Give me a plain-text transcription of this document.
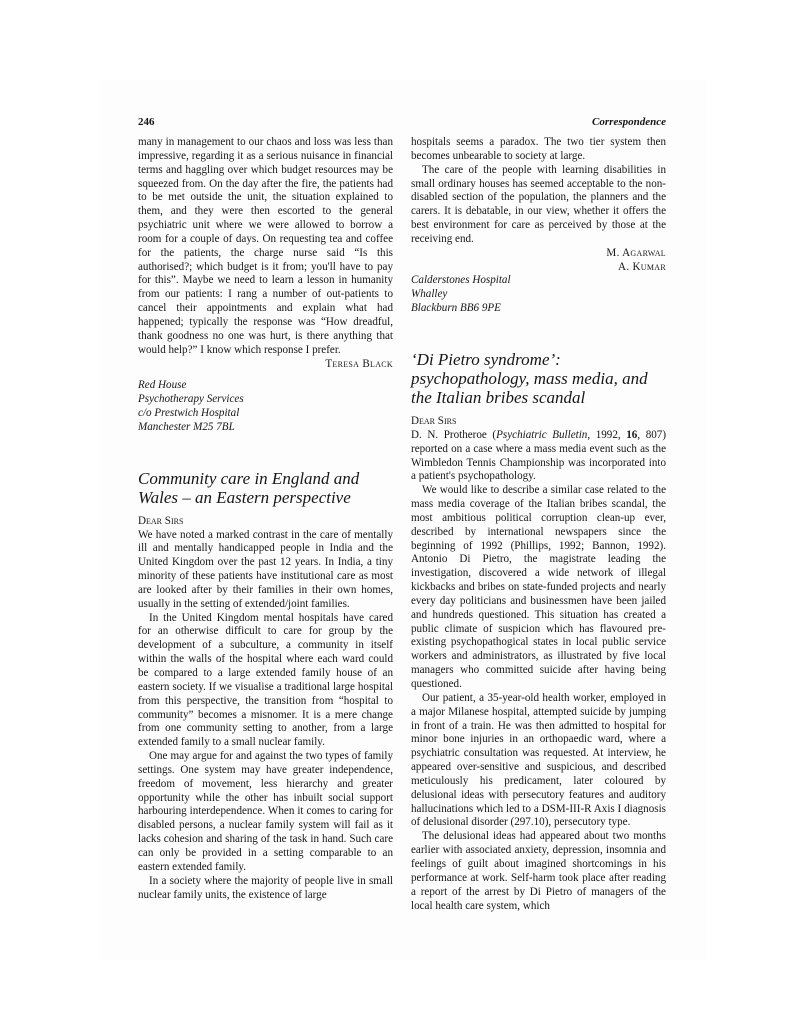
246	Correspondence

many in management to our chaos and loss was less than impressive, regarding it as a serious nuisance in financial terms and haggling over which budget resources may be squeezed from. On the day after the fire, the patients had to be met outside the unit, the situation explained to them, and they were then escorted to the general psychiatric unit where we were allowed to borrow a room for a couple of days. On requesting tea and coffee for the patients, the charge nurse said “Is this authorised?; which budget is it from; you'll have to pay for this”. Maybe we need to learn a lesson in humanity from our patients: I rang a number of out-patients to cancel their appointments and explain what had happened; typically the response was “How dreadful, thank goodness no one was hurt, is there anything that would help?” I know which response I prefer.

Teresa Black
Red House
Psychotherapy Services
c/o Prestwich Hospital
Manchester M25 7BL
Community care in England and Wales – an Eastern perspective
Dear Sirs

We have noted a marked contrast in the care of mentally ill and mentally handicapped people in India and the United Kingdom over the past 12 years. In India, a tiny minority of these patients have institutional care as most are looked after by their families in their own homes, usually in the setting of extended/joint families.

In the United Kingdom mental hospitals have cared for an otherwise difficult to care for group by the development of a subculture, a community in itself within the walls of the hospital where each ward could be compared to a large extended family house of an eastern society. If we visualise a traditional large hospital from this perspective, the transition from “hospital to community” becomes a misnomer. It is a mere change from one community setting to another, from a large extended family to a small nuclear family.

One may argue for and against the two types of family settings. One system may have greater independence, freedom of movement, less hierarchy and greater opportunity while the other has inbuilt social support harbouring interdependence. When it comes to caring for disabled persons, a nuclear family system will fail as it lacks cohesion and sharing of the task in hand. Such care can only be provided in a setting comparable to an eastern extended family.

In a society where the majority of people live in small nuclear family units, the existence of large

hospitals seems a paradox. The two tier system then becomes unbearable to society at large.

The care of the people with learning disabilities in small ordinary houses has seemed acceptable to the non-disabled section of the population, the planners and the carers. It is debatable, in our view, whether it offers the best environment for care as perceived by those at the receiving end.

M. Agarwal
A. Kumar
Calderstones Hospital
Whalley
Blackburn BB6 9PE
‘Di Pietro syndrome’: psychopathology, mass media, and the Italian bribes scandal
Dear Sirs

D. N. Protheroe (Psychiatric Bulletin, 1992, 16, 807) reported on a case where a mass media event such as the Wimbledon Tennis Championship was incorporated into a patient's psychopathology.

We would like to describe a similar case related to the mass media coverage of the Italian bribes scandal, the most ambitious political corruption clean-up ever, described by international newspapers since the beginning of 1992 (Phillips, 1992; Bannon, 1992). Antonio Di Pietro, the magistrate leading the investigation, discovered a wide network of illegal kickbacks and bribes on state-funded projects and nearly every day politicians and businessmen have been jailed and hundreds questioned. This situation has created a public climate of suspicion which has flavoured pre-existing psychopathogical states in local public service workers and administrators, as illustrated by five local managers who committed suicide after having being questioned.

Our patient, a 35-year-old health worker, employed in a major Milanese hospital, attempted suicide by jumping in front of a train. He was then admitted to hospital for minor bone injuries in an orthopaedic ward, where a psychiatric consultation was requested. At interview, he appeared over-sensitive and suspicious, and described meticulously his predicament, later coloured by delusional ideas with persecutory features and auditory hallucinations which led to a DSM-III-R Axis I diagnosis of delusional disorder (297.10), persecutory type.

The delusional ideas had appeared about two months earlier with associated anxiety, depression, insomnia and feelings of guilt about imagined shortcomings in his performance at work. Self-harm took place after reading a report of the arrest by Di Pietro of managers of the local health care system, which
